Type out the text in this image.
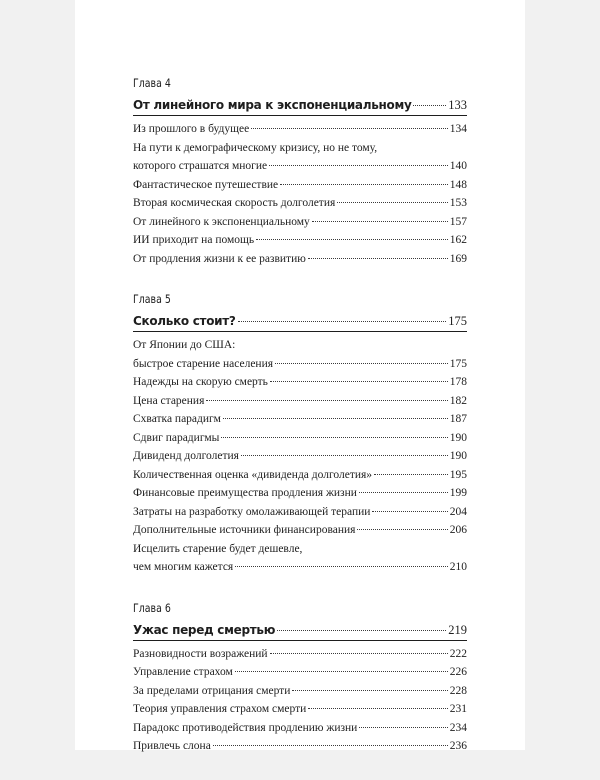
Глава 4
От линейного мира к экспоненциальному	133
Из прошлого в будущее	134
На пути к демографическому кризису, но не тому,
которого страшатся многие	140
Фантастическое путешествие	148
Вторая космическая скорость долголетия	153
От линейного к экспоненциальному	157
ИИ приходит на помощь	162
От продления жизни к ее развитию	169
Глава 5
Сколько стоит?	175
От Японии до США:
быстрое старение населения	175
Надежды на скорую смерть	178
Цена старения	182
Схватка парадигм	187
Сдвиг парадигмы	190
Дивиденд долголетия	190
Количественная оценка «дивиденда долголетия»	195
Финансовые преимущества продления жизни	199
Затраты на разработку омолаживающей терапии	204
Дополнительные источники финансирования	206
Исцелить старение будет дешевле,
чем многим кажется	210
Глава 6
Ужас перед смертью	219
Разновидности возражений	222
Управление страхом	226
За пределами отрицания смерти	228
Теория управления страхом смерти	231
Парадокс противодействия продлению жизни	234
Привлечь слона	236
